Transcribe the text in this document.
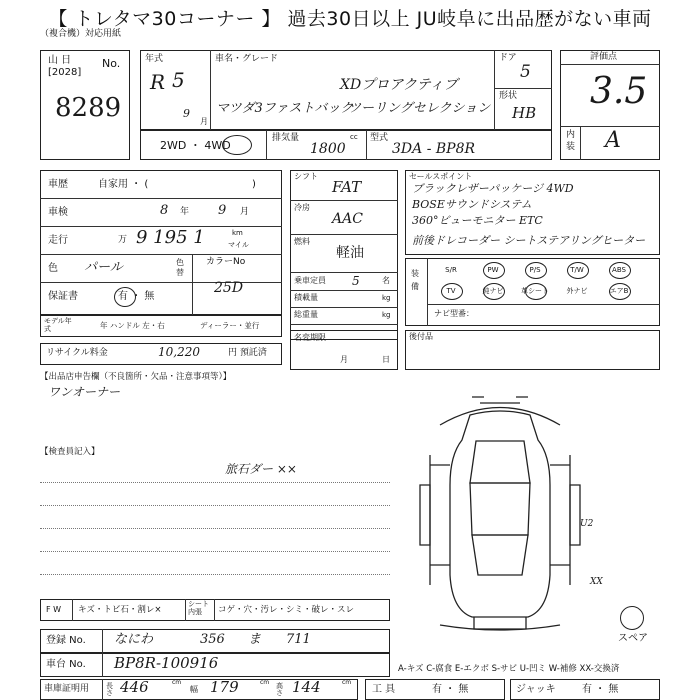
【 トレタマ30コーナー 】 過去30日以上 JU岐阜に出品歴がない車両
（複合機）対応用紙
山 日	No.
[2028]
8289
年式
R 5
9
月
車名・グレード
XDプロアクティブ
マツダ3ファストバック
ツーリングセレクション
ドア
5
形状
HB
評価点
3.5
内装 A
2WD ・ 4WD
排気量	cc
1800
型式
3DA - BP8R
車歴	自家用 ・ (	)
車検	8 年 9 月
走行	万 9 195 1	km
マイル
色 パール	色替
カラーNo
25D
保証書	有 ・ 無
モデル年式	年 ハンドル 左・右	ディーラー・並行
リサイクル料金	10,220	円 預託済
シフト
FAT
冷房
AAC
燃料
軽油
乗車定員 5	名
積載量	kg
総重量	kg
名変期限
月	日
セールスポイント
ブラックレザーパッケージ 4WD
BOSEサウンドシステム
360°ビューモニター ETC
前後ドレコーダー シートステアリングヒーター
装備
S/R	PW	P/S	T/W	ABS
TV	純ナビ	革シート	外ナビ	エアB
ナビ型番：
後付品
【出品店申告欄（不良箇所・欠品・注意事項等）】
ワンオーナー
【検査員記入】
旅石ダー ××
U2
XX
スペア
F W キズ・トビ石・割レ×
シート 内張	コゲ・穴・汚レ・シミ・破レ・スレ
登録 No. なにわ	356 ま 711
車台 No. BP8R-100916	A-キズ C-腐食 E-エクボ S-サビ U-凹ミ W-補修 XX-交換済
車庫証明用 長さ 446	cm
幅 179	cm 高さ 144	cm
工 具	有 ・ 無	ジャッキ	有 ・ 無
